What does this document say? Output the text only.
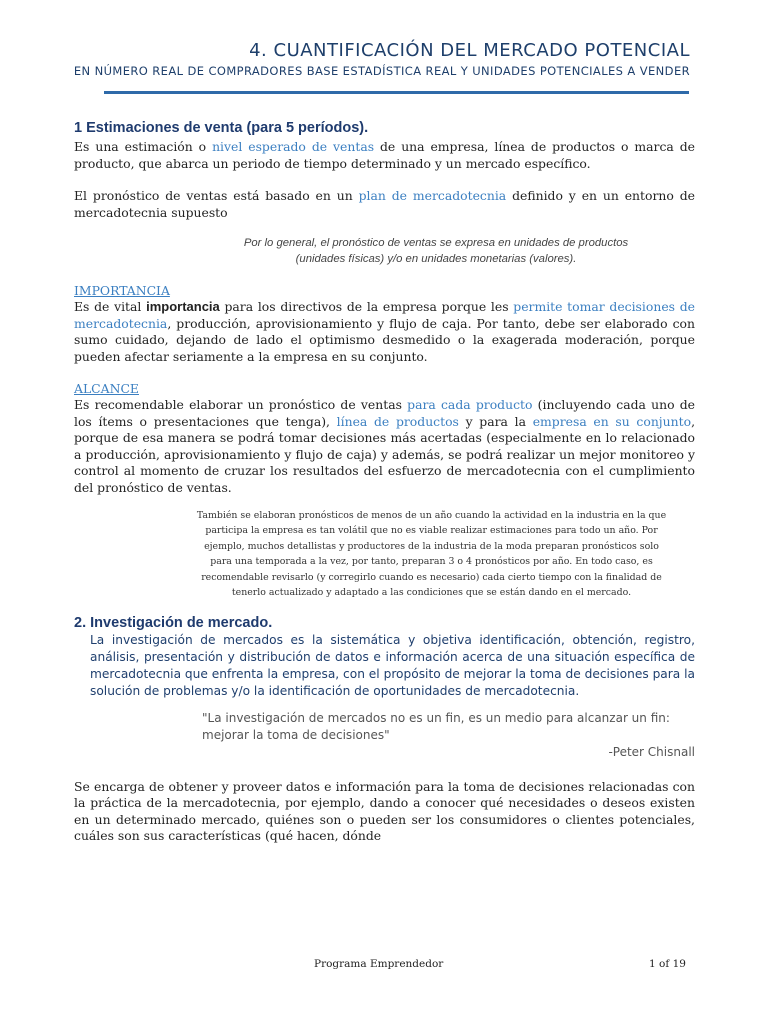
4. CUANTIFICACIÓN DEL MERCADO POTENCIAL
EN NÚMERO REAL DE COMPRADORES BASE ESTADÍSTICA REAL Y UNIDADES POTENCIALES A VENDER
1 Estimaciones de venta (para 5 períodos).

Es una estimación o nivel esperado de ventas de una empresa, línea de productos o marca de producto, que abarca un periodo de tiempo determinado y un mercado específico.

El pronóstico de ventas está basado en un plan de mercadotecnia definido y en un entorno de mercadotecnia supuesto

Por lo general, el pronóstico de ventas se expresa en unidades de productos (unidades físicas) y/o en unidades monetarias (valores).
IMPORTANCIA

Es de vital importancia para los directivos de la empresa porque les permite tomar decisiones de mercadotecnia, producción, aprovisionamiento y flujo de caja. Por tanto, debe ser elaborado con sumo cuidado, dejando de lado el optimismo desmedido o la exagerada moderación, porque pueden afectar seriamente a la empresa en su conjunto.

ALCANCE

Es recomendable elaborar un pronóstico de ventas para cada producto (incluyendo cada uno de los ítems o presentaciones que tenga), línea de productos y para la empresa en su conjunto, porque de esa manera se podrá tomar decisiones más acertadas (especialmente en lo relacionado a producción, aprovisionamiento y flujo de caja) y además, se podrá realizar un mejor monitoreo y control al momento de cruzar los resultados del esfuerzo de mercadotecnia con el cumplimiento del pronóstico de ventas.

También se elaboran pronósticos de menos de un año cuando la actividad en la industria en la que participa la empresa es tan volátil que no es viable realizar estimaciones para todo un año. Por ejemplo, muchos detallistas y productores de la industria de la moda preparan pronósticos solo para una temporada a la vez, por tanto, preparan 3 o 4 pronósticos por año. En todo caso, es recomendable revisarlo (y corregirlo cuando es necesario) cada cierto tiempo con la finalidad de tenerlo actualizado y adaptado a las condiciones que se están dando en el mercado.
2. Investigación de mercado.
La investigación de mercados es la sistemática y objetiva identificación, obtención, registro, análisis, presentación y distribución de datos e información acerca de una situación específica de mercadotecnia que enfrenta la empresa, con el propósito de mejorar la toma de decisiones para la solución de problemas y/o la identificación de oportunidades de mercadotecnia.
"La investigación de mercados no es un fin, es un medio para alcanzar un fin: mejorar la toma de decisiones"
-Peter Chisnall

Se encarga de obtener y proveer datos e información para la toma de decisiones relacionadas con la práctica de la mercadotecnia, por ejemplo, dando a conocer qué necesidades o deseos existen en un determinado mercado, quiénes son o pueden ser los consumidores o clientes potenciales, cuáles son sus características (qué hacen, dónde

Programa Emprendedor	1 of 19
